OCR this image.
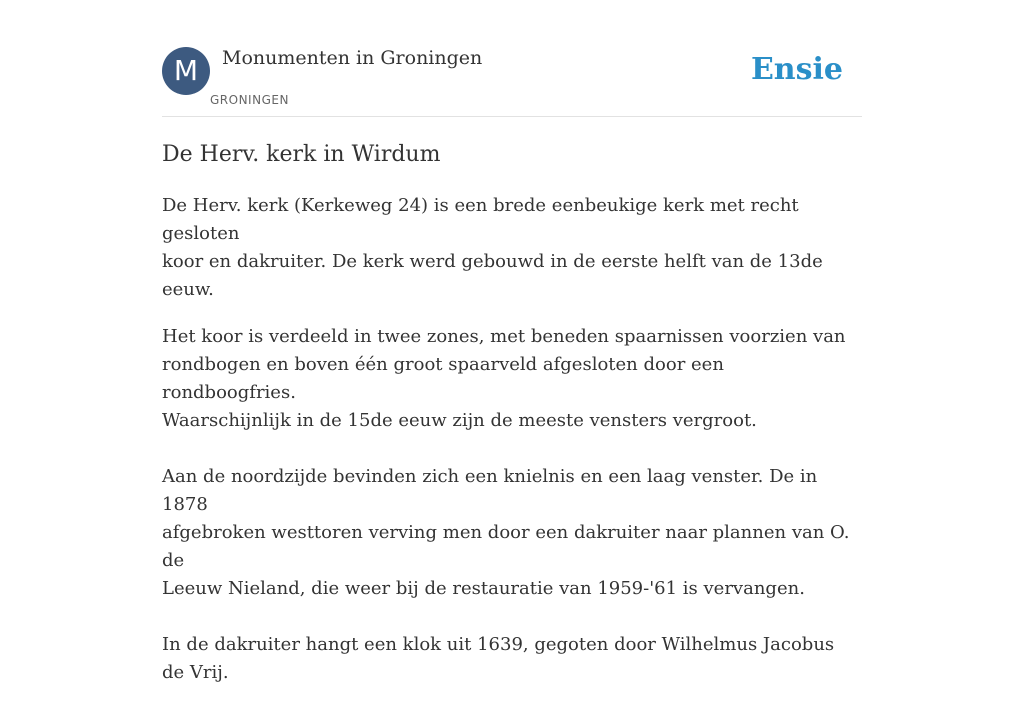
M	Monumenten in Groningen
GRONINGEN
Ensie
De Herv. kerk in Wirdum

De Herv. kerk (Kerkeweg 24) is een brede eenbeukige kerk met recht gesloten
koor en dakruiter. De kerk werd gebouwd in de eerste helft van de 13de eeuw.

Het koor is verdeeld in twee zones, met beneden spaarnissen voorzien van
rondbogen en boven één groot spaarveld afgesloten door een rondboogfries.
Waarschijnlijk in de 15de eeuw zijn de meeste vensters vergroot.

Aan de noordzijde bevinden zich een knielnis en een laag venster. De in 1878
afgebroken westtoren verving men door een dakruiter naar plannen van O. de
Leeuw Nieland, die weer bij de restauratie van 1959-'61 is vervangen.

In de dakruiter hangt een klok uit 1639, gegoten door Wilhelmus Jacobus de Vrij.
